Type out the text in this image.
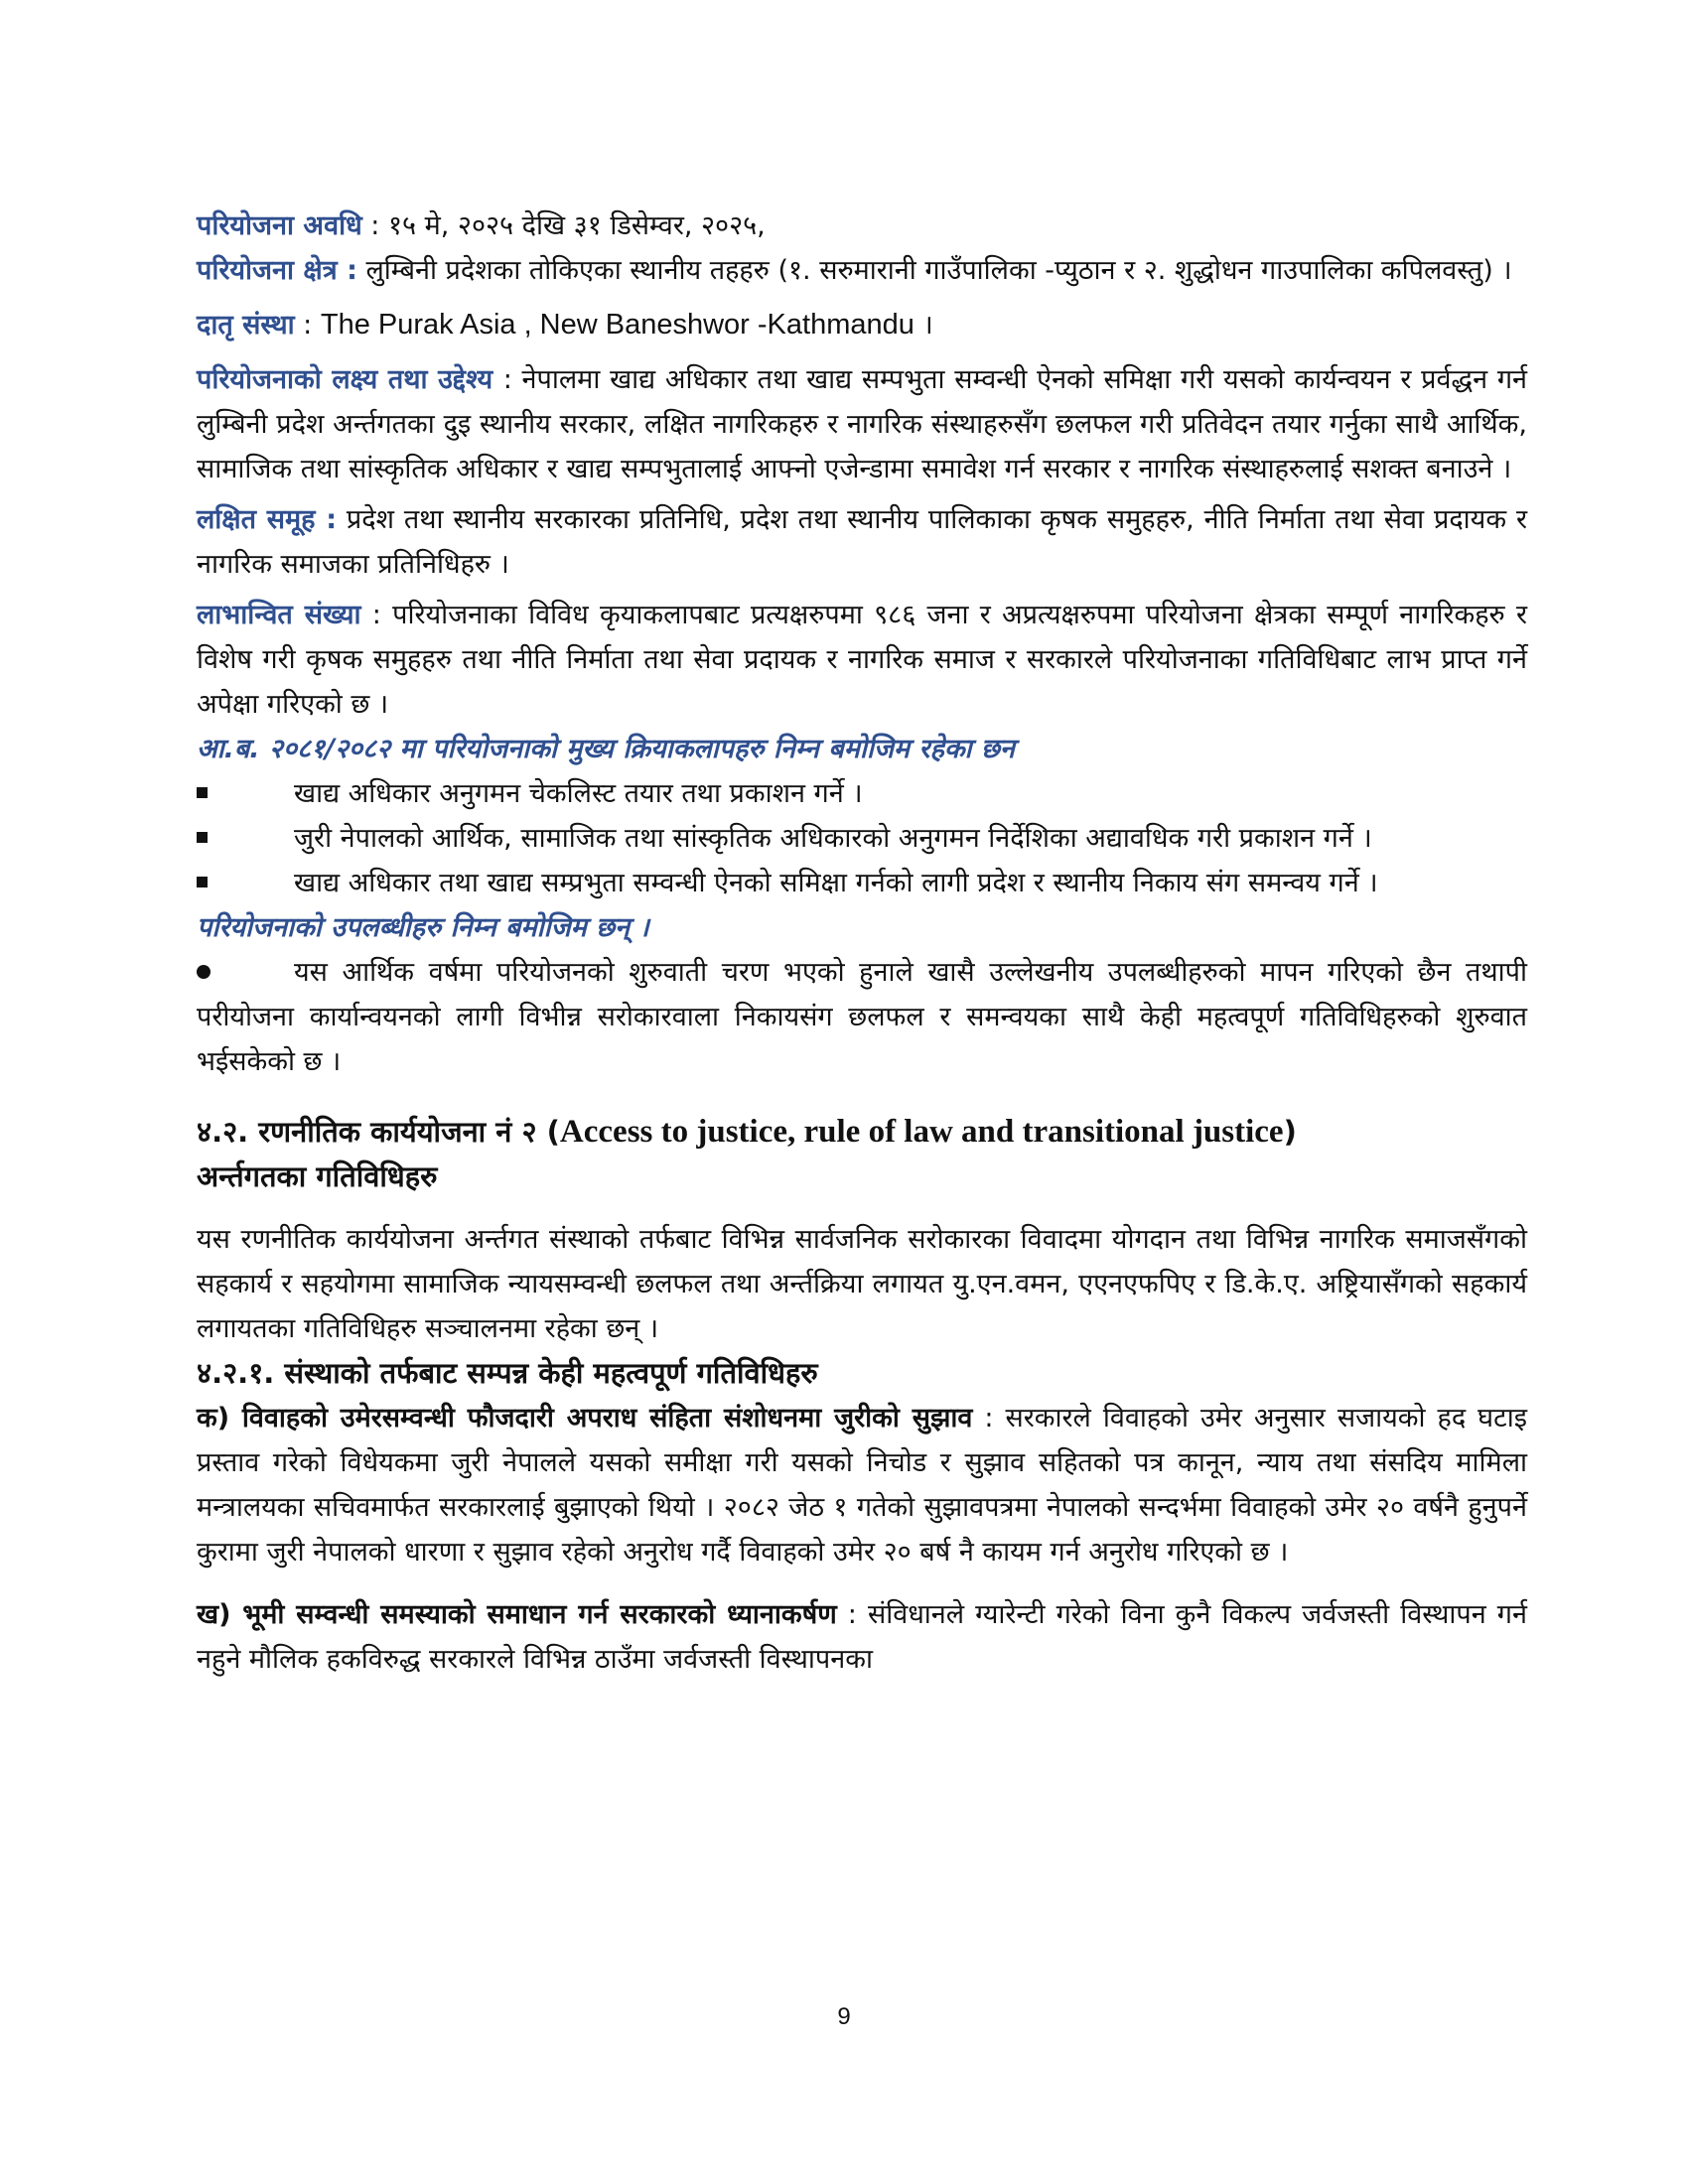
परियोजना अवधि : १५ मे, २०२५ देखि ३१ डिसेम्वर, २०२५,

परियोजना क्षेत्र : लुम्बिनी प्रदेशका तोकिएका स्थानीय तहहरु (१. सरुमारानी गाउँपालिका -प्युठान र २. शुद्धोधन गाउपालिका कपिलवस्तु) ।

दातृ संस्था : The Purak Asia , New Baneshwor -Kathmandu ।

परियोजनाको लक्ष्य तथा उद्देश्य : नेपालमा खाद्य अधिकार तथा खाद्य सम्पभुता सम्वन्धी ऐनको समिक्षा गरी यसको कार्यन्वयन र प्रर्वद्धन गर्न लुम्बिनी प्रदेश अर्न्तगतका दुइ स्थानीय सरकार, लक्षित नागरिकहरु र नागरिक संस्थाहरुसँग छलफल गरी प्रतिवेदन तयार गर्नुका साथै आर्थिक, सामाजिक तथा सांस्कृतिक अधिकार र खाद्य सम्पभुतालाई आफ्नो एजेन्डामा समावेश गर्न सरकार र नागरिक संस्थाहरुलाई सशक्त बनाउने ।

लक्षित समूह : प्रदेश तथा स्थानीय सरकारका प्रतिनिधि, प्रदेश तथा स्थानीय पालिकाका कृषक समुहहरु, नीति निर्माता तथा सेवा प्रदायक र नागरिक समाजका प्रतिनिधिहरु ।

लाभान्वित संख्या : परियोजनाका विविध कृयाकलापबाट प्रत्यक्षरुपमा ९८६ जना र अप्रत्यक्षरुपमा परियोजना क्षेत्रका सम्पूर्ण नागरिकहरु र विशेष गरी कृषक समुहहरु तथा नीति निर्माता तथा सेवा प्रदायक र नागरिक समाज र सरकारले परियोजनाका गतिविधिबाट लाभ प्राप्त गर्ने अपेक्षा गरिएको छ ।

आ.ब. २०८१/२०८२ मा परियोजनाको मुख्य क्रियाकलापहरु निम्न बमोजिम रहेका छन

खाद्य अधिकार अनुगमन चेकलिस्ट तयार तथा प्रकाशन गर्ने ।

जुरी नेपालको आर्थिक, सामाजिक तथा सांस्कृतिक अधिकारको अनुगमन निर्देशिका अद्यावधिक गरी प्रकाशन गर्ने ।

खाद्य अधिकार तथा खाद्य सम्प्रभुता सम्वन्धी ऐनको समिक्षा गर्नको लागी प्रदेश र स्थानीय निकाय संग समन्वय गर्ने ।

परियोजनाको उपलब्धीहरु निम्न बमोजिम छन् ।

यस आर्थिक वर्षमा परियोजनको शुरुवाती चरण भएको हुनाले खासै उल्लेखनीय उपलब्धीहरुको मापन गरिएको छैन तथापी परीयोजना कार्यान्वयनको लागी विभीन्न सरोकारवाला निकायसंग छलफल र समन्वयका साथै केही महत्वपूर्ण गतिविधिहरुको शुरुवात भईसकेको छ ।

४.२. रणनीतिक कार्ययोजना नं २ (Access to justice, rule of law and transitional justice)

अर्न्तगतका गतिविधिहरु

यस रणनीतिक कार्ययोजना अर्न्तगत संस्थाको तर्फबाट विभिन्न सार्वजनिक सरोकारका विवादमा योगदान तथा विभिन्न नागरिक समाजसँगको सहकार्य र सहयोगमा सामाजिक न्यायसम्वन्धी छलफल तथा अर्न्तक्रिया लगायत यु.एन.वमन, एएनएफपिए र डि.के.ए. अष्ट्रियासँगको सहकार्य लगायतका गतिविधिहरु सञ्चालनमा रहेका छन् ।

४.२.१. संस्थाको तर्फबाट सम्पन्न केही महत्वपूर्ण गतिविधिहरु

क) विवाहको उमेरसम्वन्धी फौजदारी अपराध संहिता संशोधनमा जुरीको सुझाव : सरकारले विवाहको उमेर अनुसार सजायको हद घटाइ प्रस्ताव गरेको विधेयकमा जुरी नेपालले यसको समीक्षा गरी यसको निचोड र सुझाव सहितको पत्र कानून, न्याय तथा संसदिय मामिला मन्त्रालयका सचिवमार्फत सरकारलाई बुझाएको थियो । २०८२ जेठ १ गतेको सुझावपत्रमा नेपालको सन्दर्भमा विवाहको उमेर २० वर्षनै हुनुपर्ने कुरामा जुरी नेपालको धारणा र सुझाव रहेको अनुरोध गर्दै विवाहको उमेर २० बर्ष नै कायम गर्न अनुरोध गरिएको छ ।

ख) भूमी सम्वन्धी समस्याको समाधान गर्न सरकारको ध्यानाकर्षण : संविधानले ग्यारेन्टी गरेको विना कुनै विकल्प जर्वजस्ती विस्थापन गर्न नहुने मौलिक हकविरुद्ध सरकारले विभिन्न ठाउँमा जर्वजस्ती विस्थापनका

9
